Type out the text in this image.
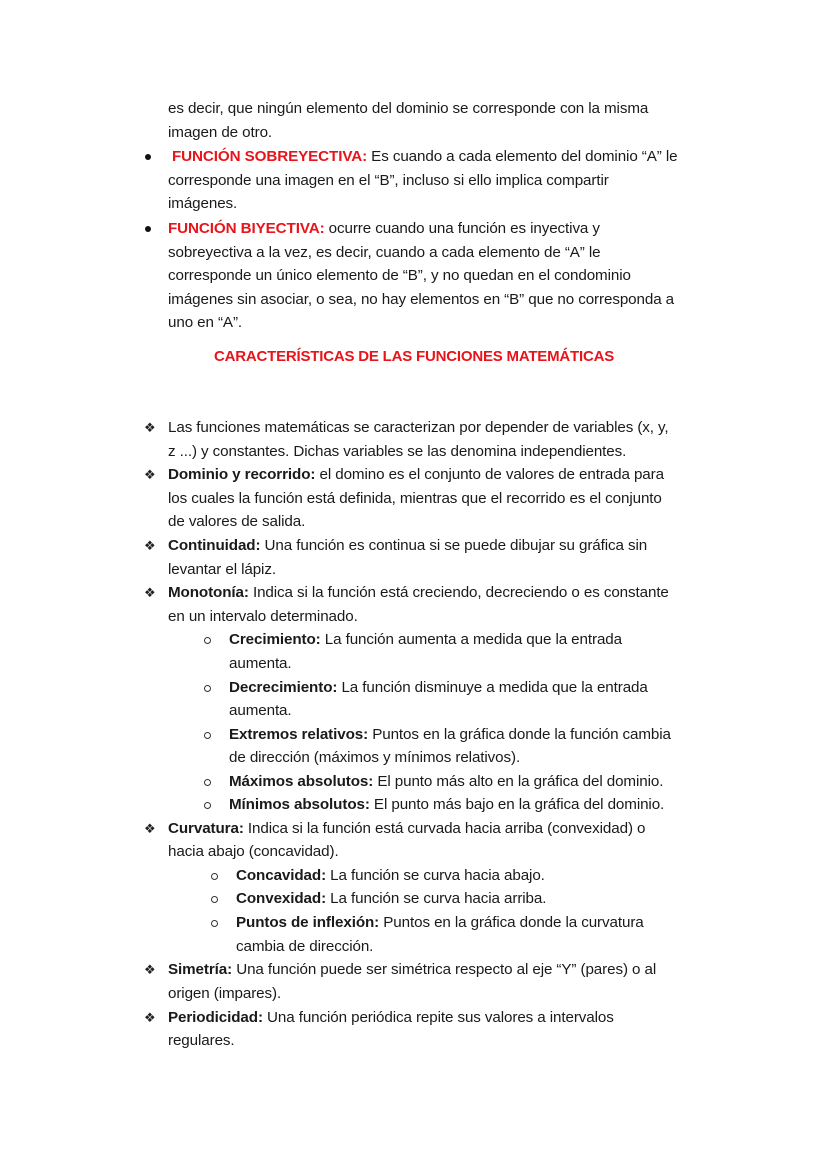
es decir, que ningún elemento del dominio se corresponde con la misma
imagen de otro.
FUNCIÓN SOBREYECTIVA: Es cuando a cada elemento del dominio “A” le
corresponde una imagen en el “B”, incluso si ello implica compartir
imágenes.
FUNCIÓN BIYECTIVA: ocurre cuando una función es inyectiva y
sobreyectiva a la vez, es decir, cuando a cada elemento de “A” le
corresponde un único elemento de “B”, y no quedan en el condominio
imágenes sin asociar, o sea, no hay elementos en “B” que no corresponda a
uno en “A”.
CARACTERÍSTICAS DE LAS FUNCIONES MATEMÁTICAS
❖ Las funciones matemáticas se caracterizan por depender de variables (x, y,
z ...) y constantes. Dichas variables se las denomina independientes.
❖ Dominio y recorrido: el domino es el conjunto de valores de entrada para
los cuales la función está definida, mientras que el recorrido es el conjunto
de valores de salida.
❖ Continuidad: Una función es continua si se puede dibujar su gráfica sin
levantar el lápiz.
❖ Monotonía: Indica si la función está creciendo, decreciendo o es constante
en un intervalo determinado.
Crecimiento: La función aumenta a medida que la entrada
aumenta.
Decrecimiento: La función disminuye a medida que la entrada
aumenta.
Extremos relativos: Puntos en la gráfica donde la función cambia
de dirección (máximos y mínimos relativos).
Máximos absolutos: El punto más alto en la gráfica del dominio.
Mínimos absolutos: El punto más bajo en la gráfica del dominio.
❖ Curvatura: Indica si la función está curvada hacia arriba (convexidad) o
hacia abajo (concavidad).
Concavidad: La función se curva hacia abajo.
Convexidad: La función se curva hacia arriba.
Puntos de inflexión: Puntos en la gráfica donde la curvatura
cambia de dirección.
❖ Simetría: Una función puede ser simétrica respecto al eje “Y” (pares) o al
origen (impares).
❖ Periodicidad: Una función periódica repite sus valores a intervalos
regulares.
